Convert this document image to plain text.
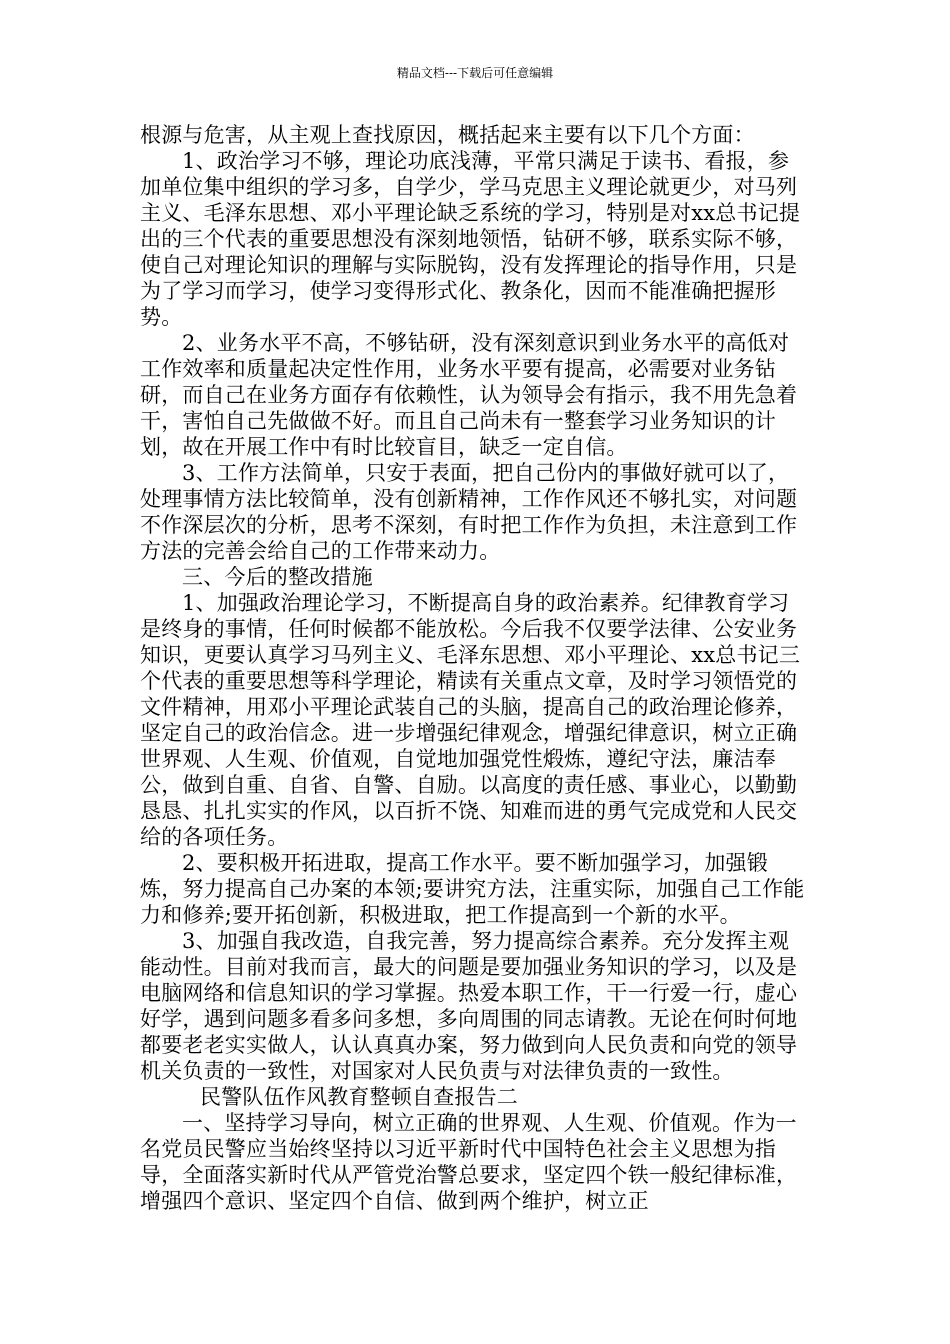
精品文档---下载后可任意编辑

根源与危害，从主观上查找原因，概括起来主要有以下几个方面：

1、政治学习不够，理论功底浅薄，平常只满足于读书、看报，参加单位集中组织的学习多，自学少，学马克思主义理论就更少，对马列主义、毛泽东思想、邓小平理论缺乏系统的学习，特别是对xx总书记提出的三个代表的重要思想没有深刻地领悟，钻研不够，联系实际不够，使自己对理论知识的理解与实际脱钩，没有发挥理论的指导作用，只是为了学习而学习，使学习变得形式化、教条化，因而不能准确把握形势。

2、业务水平不高，不够钻研，没有深刻意识到业务水平的高低对工作效率和质量起决定性作用，业务水平要有提高，必需要对业务钻研，而自己在业务方面存有依赖性，认为领导会有指示，我不用先急着干，害怕自己先做做不好。而且自己尚未有一整套学习业务知识的计划，故在开展工作中有时比较盲目，缺乏一定自信。

3、工作方法简单，只安于表面，把自己份内的事做好就可以了，处理事情方法比较简单，没有创新精神，工作作风还不够扎实，对问题不作深层次的分析，思考不深刻，有时把工作作为负担，未注意到工作方法的完善会给自己的工作带来动力。

三、今后的整改措施

1、加强政治理论学习，不断提高自身的政治素养。纪律教育学习是终身的事情，任何时候都不能放松。今后我不仅要学法律、公安业务知识，更要认真学习马列主义、毛泽东思想、邓小平理论、xx总书记三个代表的重要思想等科学理论，精读有关重点文章，及时学习领悟党的文件精神，用邓小平理论武装自己的头脑，提高自己的政治理论修养，坚定自己的政治信念。进一步增强纪律观念，增强纪律意识，树立正确世界观、人生观、价值观，自觉地加强党性煅炼，遵纪守法，廉洁奉公，做到自重、自省、自警、自励。以高度的责任感、事业心，以勤勤恳恳、扎扎实实的作风，以百折不饶、知难而进的勇气完成党和人民交给的各项任务。

2、要积极开拓进取，提高工作水平。要不断加强学习，加强锻炼，努力提高自己办案的本领;要讲究方法，注重实际，加强自己工作能力和修养;要开拓创新，积极进取，把工作提高到一个新的水平。

3、加强自我改造，自我完善，努力提高综合素养。充分发挥主观能动性。目前对我而言，最大的问题是要加强业务知识的学习，以及是电脑网络和信息知识的学习掌握。热爱本职工作，干一行爱一行，虚心好学，遇到问题多看多问多想，多向周围的同志请教。无论在何时何地都要老老实实做人，认认真真办案，努力做到向人民负责和向党的领导机关负责的一致性，对国家对人民负责与对法律负责的一致性。

民警队伍作风教育整顿自查报告二

一、坚持学习导向，树立正确的世界观、人生观、价值观。作为一名党员民警应当始终坚持以习近平新时代中国特色社会主义思想为指导，全面落实新时代从严管党治警总要求，坚定四个铁一般纪律标准，增强四个意识、坚定四个自信、做到两个维护，树立正
